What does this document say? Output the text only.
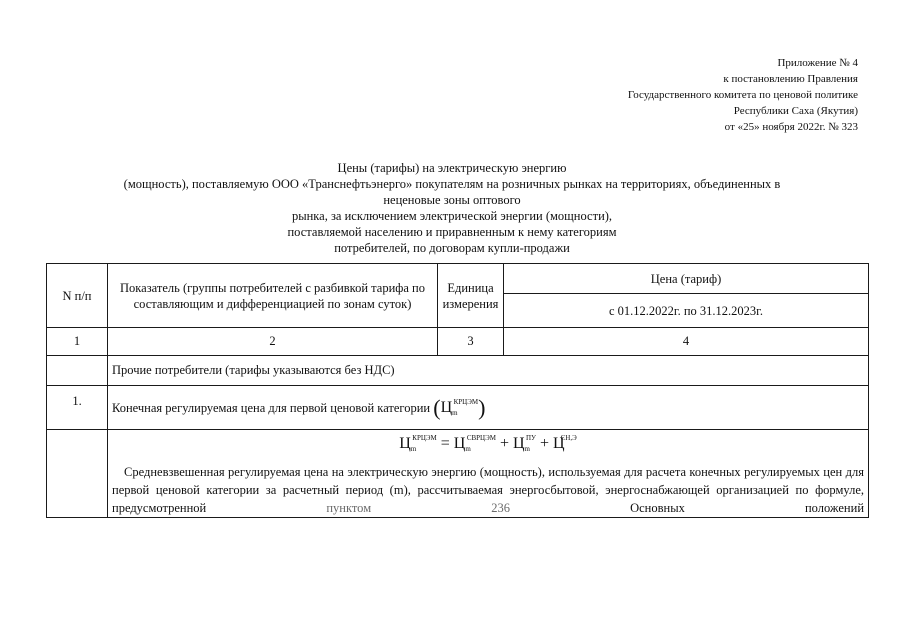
Приложение № 4
к постановлению Правления
Государственного комитета по ценовой политике
Республики Саха (Якутия)
от «25» ноября 2022г. № 323
Цены (тарифы) на электрическую энергию
(мощность), поставляемую ООО «Транснефтьэнерго» покупателям на розничных рынках на территориях, объединенных в
неценовые зоны оптового
рынка, за исключением электрической энергии (мощности),
поставляемой населению и приравненным к нему категориям
потребителей, по договорам купли-продажи
N п/п	Показатель (группы потребителей с разбивкой тарифа по составляющим и дифференциацией по зонам суток)	Единица измерения	Цена (тариф)
			с 01.12.2022г. по 31.12.2023г.
1	2	3	4
	Прочие потребители (тарифы указываются без НДС)		
1.	Конечная регулируемая цена для первой ценовой категории $(Ц_m^{КРЦЭМ})$		

	$Ц_m^{КРЦЭМ} = Ц_m^{СВРЦЭМ} + Ц_m^{ПУ} + Ц^{СН,Э}$
Средневзвешенная регулируемая цена на электрическую энергию (мощность), используемая для расчета конечных регулируемых цен для первой ценовой категории за расчетный период (m), рассчитываемая энергосбытовой, энергоснабжающей организацией по формуле, предусмотренной пунктом 236 Основных положений		
